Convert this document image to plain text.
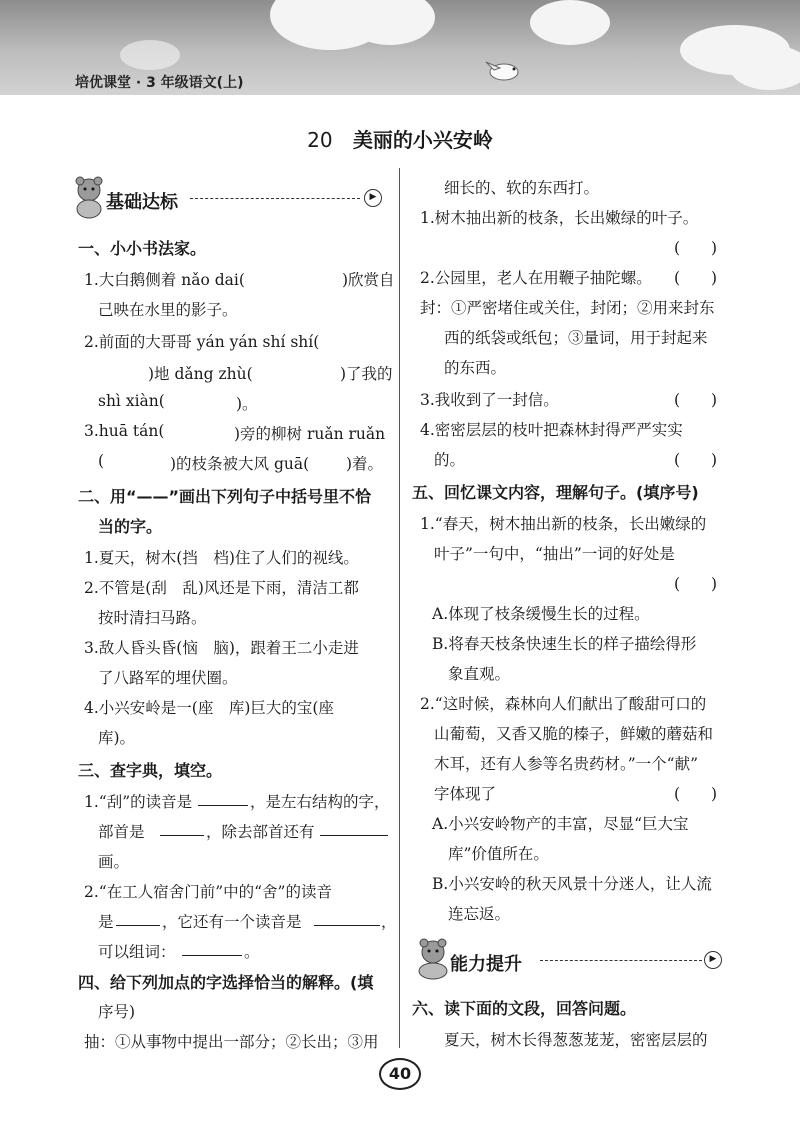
培优课堂 · 3 年级语文(上)
20 美丽的小兴安岭
基础达标	▶
一、小小书法家。
1.大白鹅侧着 nǎo dai(	)欣赏自
己映在水里的影子。
2.前面的大哥哥 yán yán shí shí(
)地 dǎng zhù(	)了我的
shì xiàn(	)。
3.huā tán(	)旁的柳树 ruǎn ruǎn
(	)的枝条被大风 guā( )着。
二、用“——”画出下列句子中括号里不恰
当的字。
1.夏天，树木(挡　档)住了人们的视线。
2.不管是(刮　乱)风还是下雨，清洁工都
按时清扫马路。
3.敌人昏头昏(恼　脑)，跟着王二小走进
了八路军的埋伏圈。
4.小兴安岭是一(座　库)巨大的宝(座
库)。
三、查字典，填空。
1.“刮”的读音是	，是左右结构的字，
部首是	，除去部首还有
画。
2.“在工人宿舍门前”中的“舍”的读音
是	，它还有一个读音是	，
可以组词：	。
四、给下列加点的字选择恰当的解释。(填
序号)
抽：①从事物中提出一部分；②长出；③用
细长的、软的东西打。
1.树木抽出新的枝条，长出嫩绿的叶子。
(　　)
2.公园里，老人在用鞭子抽陀螺。 (　　)
封：①严密堵住或关住，封闭；②用来封东
西的纸袋或纸包；③量词，用于封起来
的东西。
3.我收到了一封信。	(　　)
4.密密层层的枝叶把森林封得严严实实
的。	(　　)
五、回忆课文内容，理解句子。(填序号)
1.“春天，树木抽出新的枝条，长出嫩绿的
叶子”一句中，“抽出”一词的好处是
(　　)
A.体现了枝条缓慢生长的过程。
B.将春天枝条快速生长的样子描绘得形
象直观。
2.“这时候，森林向人们献出了酸甜可口的
山葡萄，又香又脆的榛子，鲜嫩的蘑菇和
木耳，还有人参等名贵药材。”一个“献”
字体现了	(　　)
A.小兴安岭物产的丰富，尽显“巨大宝
库”价值所在。
B.小兴安岭的秋天风景十分迷人，让人流
连忘返。
能力提升	▶
六、读下面的文段，回答问题。
夏天，树木长得葱葱茏茏，密密层层的
40
